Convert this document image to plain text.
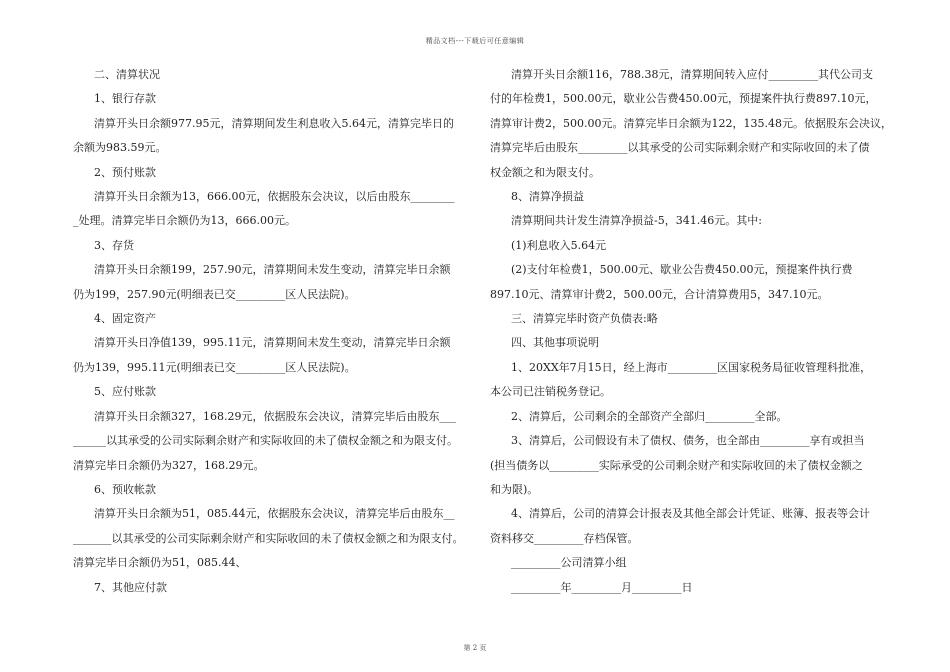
精品文档---下载后可任意编辑

二、清算状况

1、银行存款

清算开头日余额977.95元，清算期间发生利息收入5.64元，清算完毕日的

余额为983.59元。

2、预付账款

清算开头日余额为13，666.00元，依据股东会决议，以后由股东________

_处理。清算完毕日余额仍为13，666.00元。

3、存货

清算开头日余额199，257.90元，清算期间未发生变动，清算完毕日余额

仍为199，257.90元(明细表已交_________区人民法院)。

4、固定资产

清算开头日净值139，995.11元，清算期间未发生变动，清算完毕日余额

仍为139，995.11元(明细表已交_________区人民法院)。

5、应付账款

清算开头日余额327，168.29元，依据股东会决议，清算完毕后由股东___

______以其承受的公司实际剩余财产和实际收回的未了债权金额之和为限支付。

清算完毕日余额仍为327，168.29元。

6、预收帐款

清算开头日余额为51，085.44元，依据股东会决议，清算完毕后由股东__

_______以其承受的公司实际剩余财产和实际收回的未了债权金额之和为限支付。

清算完毕日余额仍为51，085.44、

7、其他应付款

清算开头日余额116，788.38元，清算期间转入应付_________其代公司支

付的年检费1，500.00元，歇业公告费450.00元，预提案件执行费897.10元，

清算审计费2，500.00元。清算完毕日余额为122，135.48元。依据股东会决议，

清算完毕后由股东_________以其承受的公司实际剩余财产和实际收回的未了债

权金额之和为限支付。

8、清算净损益

清算期间共计发生清算净损益-5，341.46元。其中:

(1)利息收入5.64元

(2)支付年检费1，500.00元、歇业公告费450.00元，预提案件执行费

897.10元、清算审计费2，500.00元，合计清算费用5，347.10元。

三、清算完毕时资产负债表:略

四、其他事项说明

1、20XX年7月15日，经上海市_________区国家税务局征收管理科批准，

本公司已注销税务登记。

2、清算后，公司剩余的全部资产全部归_________全部。

3、清算后，公司假设有未了债权、债务，也全部由_________享有或担当

(担当债务以_________实际承受的公司剩余财产和实际收回的未了债权金额之

和为限)。

4、清算后，公司的清算会计报表及其他全部会计凭证、账簿、报表等会计

资料移交_________存档保管。

_________公司清算小组

_________年_________月_________日

第 2 页
